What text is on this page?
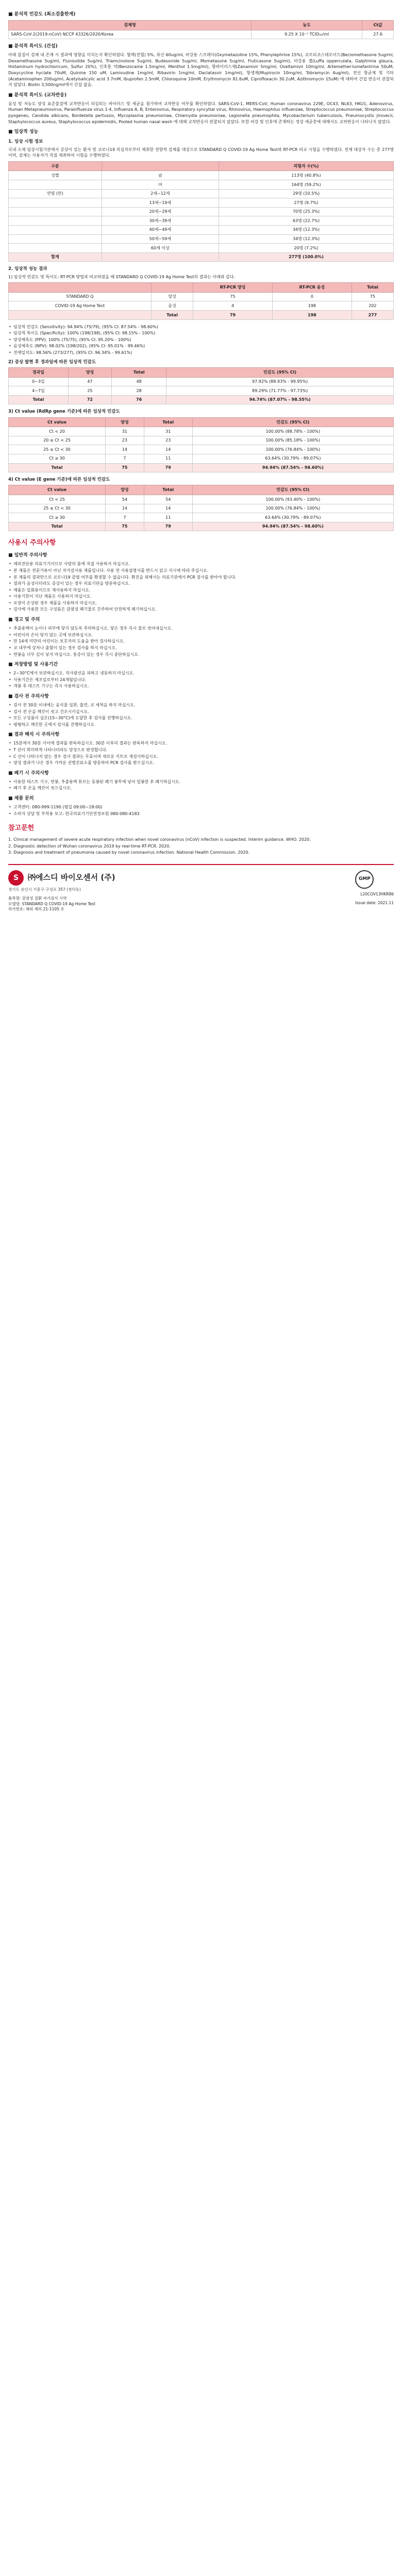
■ 분석적 민감도 (최소검출한계)
검체명	농도	Ct값
SARS-CoV-2(2019-nCoV) NCCP 43326/2020/Korea	9.25 X 10⁻¹ TCID₅₀/ml	27.6
■ 분석적 특이도 (간섭)

아래 물질이 검체 내 존재 시 결과에 영향을 미치는지 확인하였다. 혈액(전혈) 5%, 뮤신 60ug/ml, 비강용 스프레이(Oxymetazoline 15%, Phenylephrine 15%), 코르티코스테로이드(Beclomethasone 5ug/ml, Dexamethasone 5ug/ml, Flunisolide 5ug/ml, Triamcinolone 5ug/ml, Budesonide 5ug/ml, Mometasone 5ug/ml, Fluticasone 5ug/ml), 비강용 젤(Luffa opperculata, Galphimia glauca, Histaminum hydrochloricum, Sulfur 20%), 인후통 약(Benzocaine 1.5mg/ml, Menthol 1.5mg/ml), 항바이러스제(Zanamivir 5mg/ml, Oseltamivir 10mg/ml, Artemether-lumefantrine 50uM, Doxycycline hyclate 70uM, Quinine 150 uM, Lamivudine 1mg/ml, Ribavirin 1mg/ml, Daclatasvir 1mg/ml), 항생제(Mupirocin 10mg/ml, Tobramycin 4ug/ml), 전신 항균제 및 기타(Acetaminophen 200ug/ml, Acetylsalicylic acid 3.7mM, Ibuprofen 2.5mM, Chloroquine 10mM, Erythromycin 81.6uM, Ciprofloxacin 30.2uM, Azithromycin 15uM) 에 대하여 간섭 반응이 관찰되지 않았다. Biotin 3,500ng/ml에서 간섭 없음.

■ 분석적 특이도 (교차반응)

음성 및 저농도 양성 표준물질에 교차반응이 의심되는 바이러스 및 세균을 첨가하여 교차반응 여부를 확인하였다. SARS-CoV-1, MERS-CoV, Human coronavirus 229E, OC43, NL63, HKU1, Adenovirus, Human Metapneumovirus, Parainfluenza virus 1-4, Influenza A, B, Enterovirus, Respiratory syncytial virus, Rhinovirus, Haemophilus influenzae, Streptococcus pneumoniae, Streptococcus pyogenes, Candida albicans, Bordetella pertussis, Mycoplasma pneumoniae, Chlamydia pneumoniae, Legionella pneumophila, Mycobacterium tuberculosis, Pneumocystis jirovecii, Staphylococcus aureus, Staphylococcus epidermidis, Pooled human nasal wash 에 대해 교차반응이 관찰되지 않았다. 또한 비강 및 인후에 존재하는 정상 세균총에 대해서도 교차반응이 나타나지 않았다.

■ 임상적 성능
1. 임상 시험 정보

국내 소재 임상시험기관에서 증상이 있는 환자 및 코로나19 의심자로부터 채취한 전향적 검체를 대상으로 STANDARD Q COVID-19 Ag Home Test와 RT-PCR 비교 시험을 수행하였다. 전체 대상자 수는 총 277명이며, 검체는 사용자가 직접 채취하여 시험을 수행하였다.

구분		피험자 수(%)
성별	남	113명 (40.8%)
	여	164명 (59.2%)
연령 (만)	2세~12세	29명 (10.5%)
	13세~19세	27명 (9.7%)
	20세~29세	70명 (25.3%)
	30세~39세	63명 (22.7%)
	40세~49세	34명 (12.3%)
	50세~59세	34명 (12.3%)
	60세 이상	20명 (7.2%)
합계		277명 (100.0%)
2. 임상적 성능 결과

1) 임상적 민감도 및 특이도: RT-PCR 방법과 비교하였을 때 STANDARD Q COVID-19 Ag Home Test의 결과는 아래와 같다.

		RT-PCR 양성	RT-PCR 음성	Total
STANDARD Q	양성	75	0	75
COVID-19 Ag Home Test	음성	4	198	202
	Total	79	198	277
• 임상적 민감도 (Sensitivity): 94.94% (75/79), (95% CI: 87.54% - 98.60%)
• 임상적 특이도 (Specificity): 100% (198/198), (95% CI: 98.15% - 100%)
• 양성예측도 (PPV): 100% (75/75), (95% CI: 95.20% - 100%)
• 음성예측도 (NPV): 98.02% (198/202), (95% CI: 95.01% - 99.46%)
• 전체일치도: 98.56% (273/277), (95% CI: 96.34% - 99.61%)
2) 증상 발현 후 경과일에 따른 임상적 민감도
경과일	양성	Total	민감도 (95% CI)
0~3일	47	48	97.92% (88.93% - 99.95%)
4~7일	25	28	89.29% (71.77% - 97.73%)
Total	72	76	94.74% (87.07% - 98.55%)
3) Ct value (RdRp gene 기준)에 따른 임상적 민감도
Ct value	양성	Total	민감도 (95% CI)
Ct < 20	31	31	100.00% (88.78% - 100%)
20 ≤ Ct < 25	23	23	100.00% (85.18% - 100%)
25 ≤ Ct < 30	14	14	100.00% (76.84% - 100%)
Ct ≥ 30	7	11	63.64% (30.79% - 89.07%)
Total	75	79	94.94% (87.54% - 98.60%)
4) Ct value (E gene 기준)에 따른 임상적 민감도
Ct value	양성	Total	민감도 (95% CI)
Ct < 25	54	54	100.00% (93.40% - 100%)
25 ≤ Ct < 30	14	14	100.00% (76.84% - 100%)
Ct ≥ 30	7	11	63.64% (30.79% - 89.07%)
Total	75	79	94.94% (87.54% - 98.60%)
사용시 주의사항
■ 일반적 주의사항
• 체외진단용 의료기기이므로 사람의 몸에 직접 사용하지 마십시오.
• 본 제품은 전문가용이 아닌 자가검사용 제품입니다. 사용 전 사용설명서를 반드시 읽고 지시에 따라 주십시오.
• 본 제품의 결과만으로 코로나19 감염 여부를 확정할 수 없습니다. 확진을 위해서는 의료기관에서 PCR 검사를 받아야 합니다.
• 결과가 음성이더라도 증상이 있는 경우 의료기관을 방문하십시오.
• 제품은 일회용이므로 재사용하지 마십시오.
• 사용기한이 지난 제품은 사용하지 마십시오.
• 포장이 손상된 경우 제품을 사용하지 마십시오.
• 검사에 사용한 모든 구성품은 감염성 폐기물로 간주하여 안전하게 폐기하십시오.
■ 경고 및 주의
• 추출용액이 눈이나 피부에 닿지 않도록 주의하십시오. 닿은 경우 즉시 물로 씻어내십시오.
• 어린이의 손이 닿지 않는 곳에 보관하십시오.
• 만 14세 미만의 어린이는 보호자의 도움을 받아 검사하십시오.
• 코 내부에 상처나 출혈이 있는 경우 검사를 하지 마십시오.
• 면봉을 너무 깊이 넣지 마십시오. 통증이 있는 경우 즉시 중단하십시오.
■ 저장방법 및 사용기간
• 2~30°C에서 보관하십시오. 직사광선을 피하고 냉동하지 마십시오.
• 사용기간은 제조일로부터 24개월입니다.
• 개봉 후 테스트 기구는 즉시 사용하십시오.
■ 검사 전 주의사항
• 검사 전 30분 이내에는 음식물 섭취, 흡연, 코 세척을 하지 마십시오.
• 검사 전 손을 깨끗이 씻고 건조시키십시오.
• 모든 구성품이 실온(15~30°C)에 도달한 후 검사를 진행하십시오.
• 평평하고 깨끗한 곳에서 검사를 진행하십시오.
■ 결과 해석 시 주의사항
• 15분에서 30분 사이에 결과를 판독하십시오. 30분 이후의 결과는 판독하지 마십시오.
• T 선이 희미하게 나타나더라도 양성으로 판정합니다.
• C 선이 나타나지 않는 경우 검사 결과는 무효이며 새로운 키트로 재검사하십시오.
• 양성 결과가 나온 경우 가까운 선별진료소를 방문하여 PCR 검사를 받으십시오.
■ 폐기 시 주의사항
• 사용한 테스트 기구, 면봉, 추출용액 튜브는 동봉된 폐기 봉투에 넣어 밀봉한 후 폐기하십시오.
• 폐기 후 손을 깨끗이 씻으십시오.
■ 제품 문의
• 고객센터: 080-999-1190 (평일 09:00~18:00)
• 소비자 상담 및 부작용 보고: 한국의료기기안전정보원 080-080-4183
참고문헌
1. Clinical management of severe acute respiratory infection when novel coronavirus (nCoV) infection is suspected. Interim guidance. WHO. 2020.
2. Diagnostic detection of Wuhan coronavirus 2019 by real-time RT-PCR. 2020.
3. Diagnosis and treatment of pneumonia caused by novel coronavirus infection. National Health Commission. 2020.
S	㈜에스디 바이오센서 (주)
경기도 용인시 기흥구 구성로 357 (청덕동)
품목명: 감염성 질환 자가검사 시약
모델명: STANDARD Q COVID-19 Ag Home Test
허가번호: 체외 제허 21-1105 호
GMP
L20COV13HKR86
Issue date: 2021.11
